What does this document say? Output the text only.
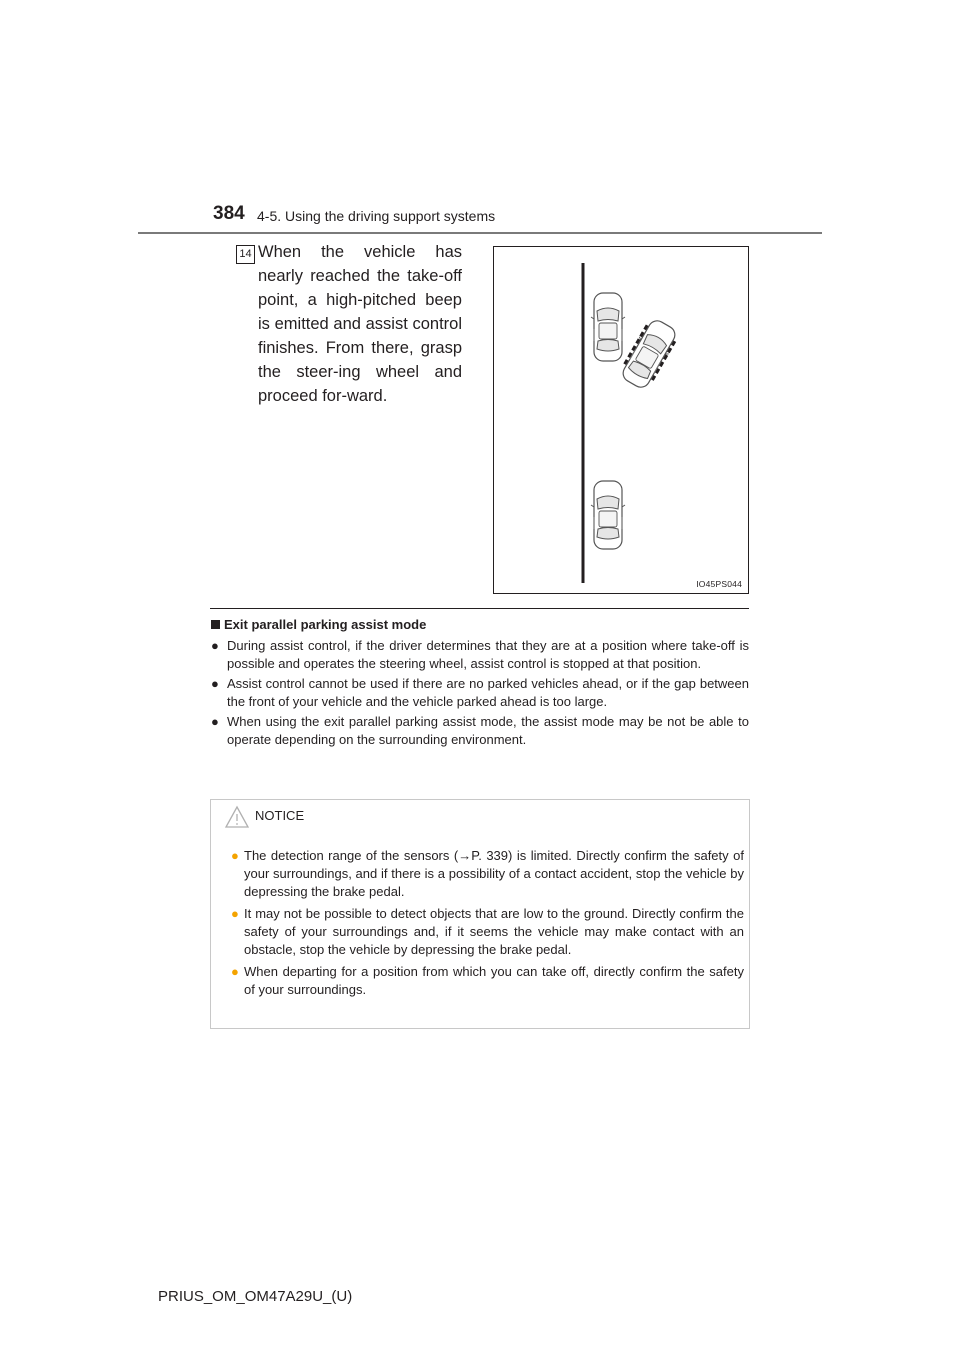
384 4-5. Using the driving support systems
14 When the vehicle has nearly reached the take-off point, a high-pitched beep is emitted and assist control finishes. From there, grasp the steer-ing wheel and proceed for-ward.
IO45PS044
Exit parallel parking assist mode
● During assist control, if the driver determines that they are at a position where take-off is possible and operates the steering wheel, assist control is stopped at that position.
● Assist control cannot be used if there are no parked vehicles ahead, or if the gap between the front of your vehicle and the vehicle parked ahead is too large.
● When using the exit parallel parking assist mode, the assist mode may be not be able to operate depending on the surrounding environment.
NOTICE
● The detection range of the sensors (→P. 339) is limited. Directly confirm the safety of your surroundings, and if there is a possibility of a contact accident, stop the vehicle by depressing the brake pedal.
● It may not be possible to detect objects that are low to the ground. Directly confirm the safety of your surroundings and, if it seems the vehicle may make contact with an obstacle, stop the vehicle by depressing the brake pedal.
● When departing for a position from which you can take off, directly confirm the safety of your surroundings.
PRIUS_OM_OM47A29U_(U)
